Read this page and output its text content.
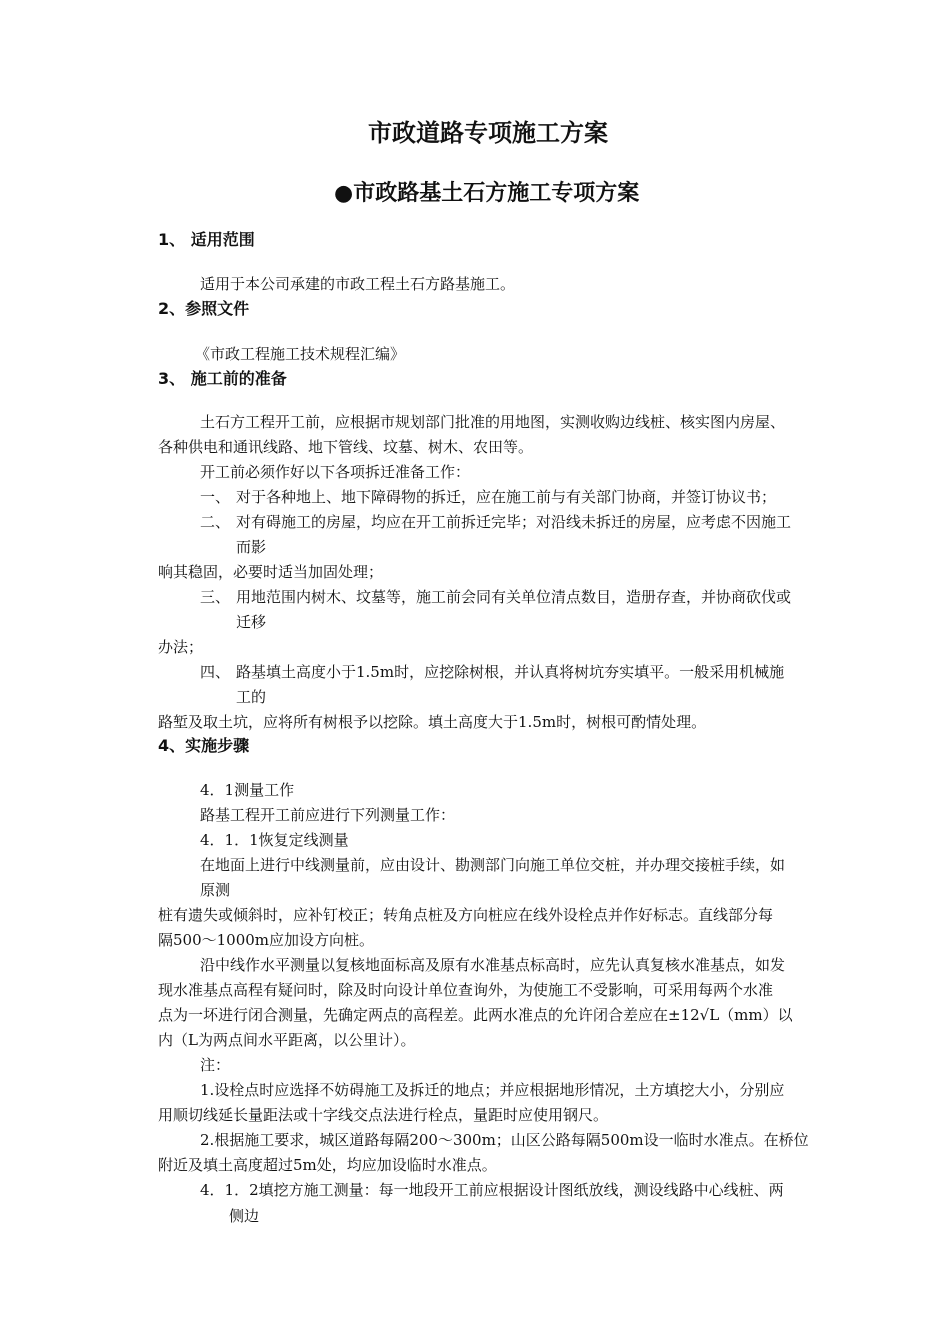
市政道路专项施工方案
●市政路基土石方施工专项方案
1、 适用范围
适用于本公司承建的市政工程土石方路基施工。
2、参照文件
《市政工程施工技术规程汇编》
3、 施工前的准备
土石方工程开工前，应根据市规划部门批准的用地图，实测收购边线桩、核实图内房屋、
各种供电和通讯线路、地下管线、坟墓、树木、农田等。
开工前必须作好以下各项拆迁准备工作：
一、 对于各种地上、地下障碍物的拆迁，应在施工前与有关部门协商，并签订协议书；
二、 对有碍施工的房屋，均应在开工前拆迁完毕；对沿线未拆迁的房屋，应考虑不因施工
而影
响其稳固，必要时适当加固处理；
三、 用地范围内树木、坟墓等，施工前会同有关单位清点数目，造册存查，并协商砍伐或
迁移
办法；
四、 路基填土高度小于1.5m时，应挖除树根，并认真将树坑夯实填平。一般采用机械施
工的
路堑及取土坑，应将所有树根予以挖除。填土高度大于1.5m时，树根可酌情处理。
4、实施步骤
4．1测量工作
路基工程开工前应进行下列测量工作：
4．1．1恢复定线测量
在地面上进行中线测量前，应由设计、勘测部门向施工单位交桩，并办理交接桩手续，如
原测
桩有遗失或倾斜时，应补钉校正；转角点桩及方向桩应在线外设栓点并作好标志。直线部分每
隔500～1000m应加设方向桩。
沿中线作水平测量以复核地面标高及原有水准基点标高时，应先认真复核水准基点，如发
现水准基点高程有疑问时，除及时向设计单位查询外，为使施工不受影响，可采用每两个水准
点为一坏进行闭合测量，先确定两点的高程差。此两水准点的允许闭合差应在±12√L（mm）以
内（L为两点间水平距离，以公里计）。
注：
1.设栓点时应选择不妨碍施工及拆迁的地点；并应根据地形情况，土方填挖大小，分别应
用顺切线延长量距法或十字线交点法进行栓点，量距时应使用钢尺。
2.根据施工要求，城区道路每隔200～300m；山区公路每隔500m设一临时水准点。在桥位
附近及填土高度超过5m处，均应加设临时水准点。
4．1．2填挖方施工测量：每一地段开工前应根据设计图纸放线，测设线路中心线桩、两
侧边
